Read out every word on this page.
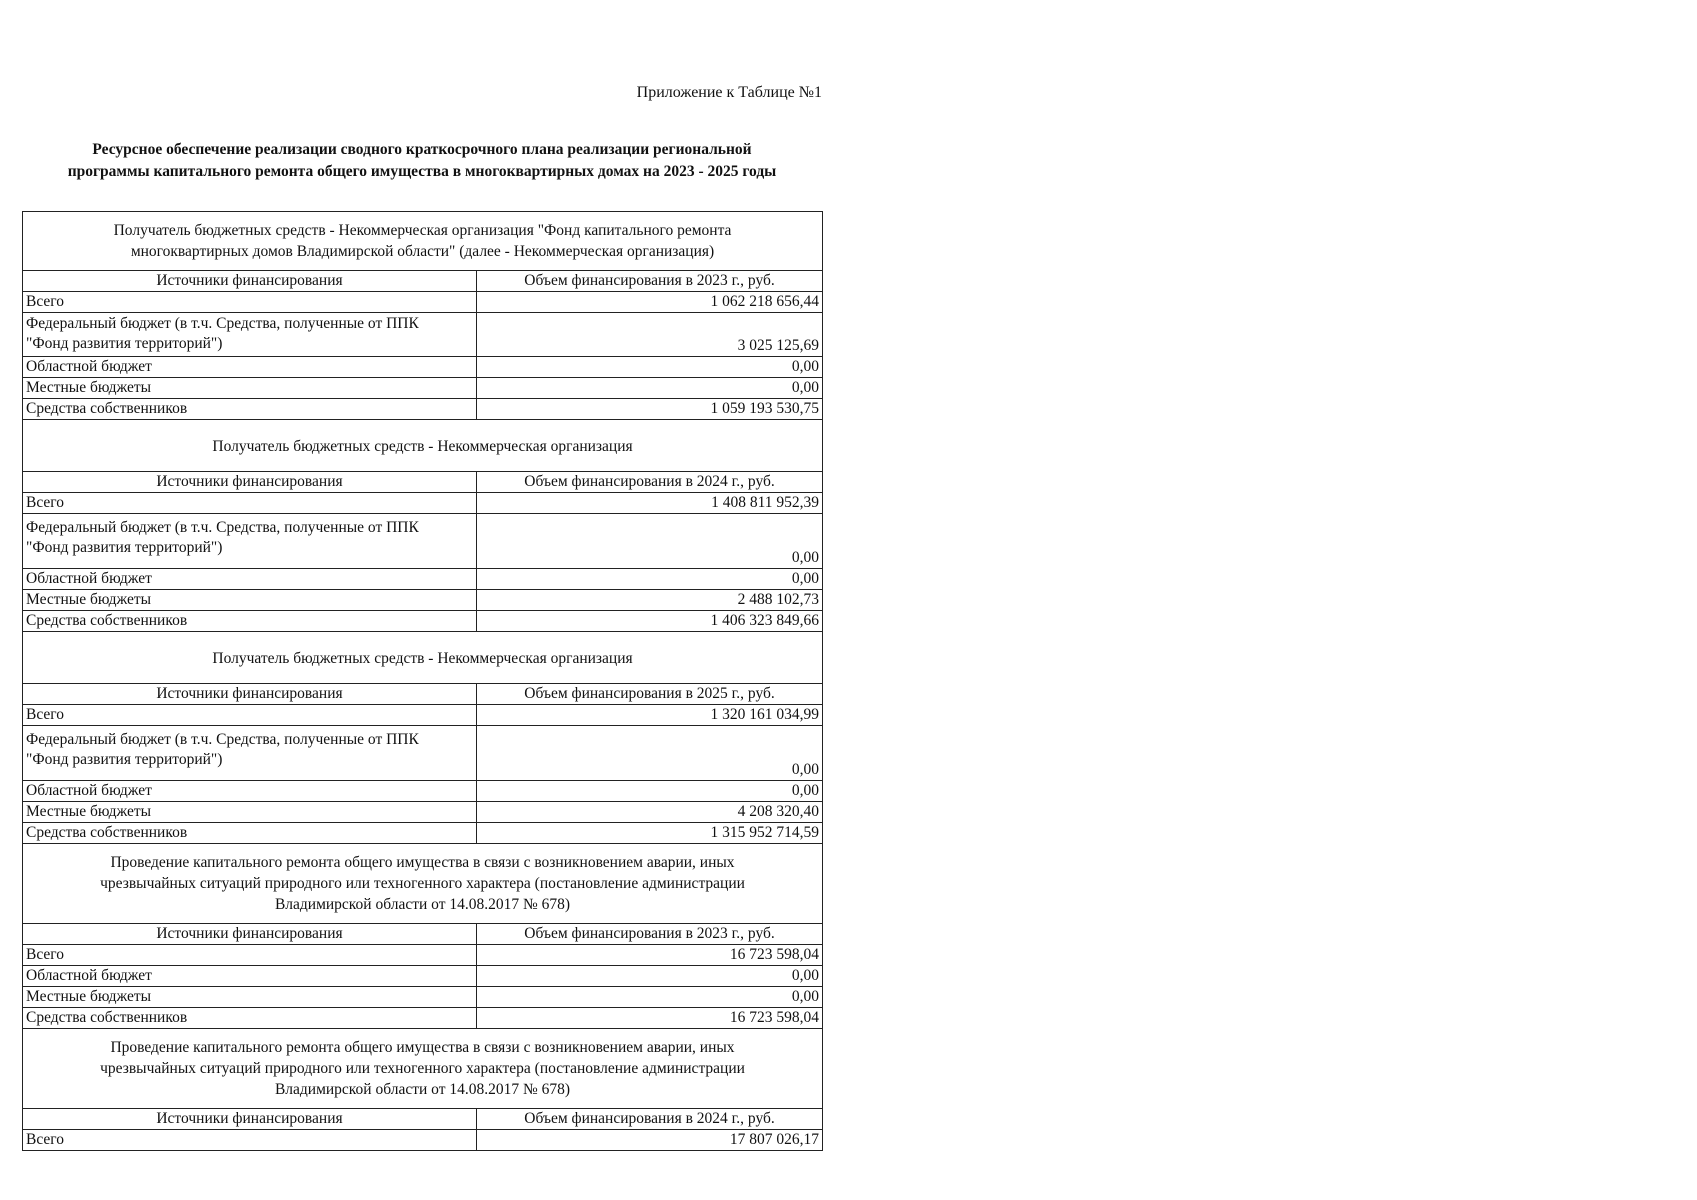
Приложение к Таблице №1
Ресурсное обеспечение реализации сводного краткосрочного плана реализации региональной
программы капитального ремонта общего имущества в многоквартирных домах на 2023 - 2025 годы
Получатель бюджетных средств - Некоммерческая организация "Фонд капитального ремонта
многоквартирных домов Владимирской области" (далее - Некоммерческая организация)	

Источники финансирования	Объем финансирования в 2023 г., руб.
Всего	1 062 218 656,44

Федеральный бюджет (в т.ч. Средства, полученные от ППК
"Фонд развития территорий")	3 025 125,69
Областной бюджет	0,00
Местные бюджеты	0,00
Средства собственников	1 059 193 530,75
Получатель бюджетных средств - Некоммерческая организация	
Источники финансирования	Объем финансирования в 2024 г., руб.
Всего	1 408 811 952,39

Федеральный бюджет (в т.ч. Средства, полученные от ППК
"Фонд развития территорий")	0,00
Областной бюджет	0,00
Местные бюджеты	2 488 102,73
Средства собственников	1 406 323 849,66
Получатель бюджетных средств - Некоммерческая организация	
Источники финансирования	Объем финансирования в 2025 г., руб.
Всего	1 320 161 034,99

Федеральный бюджет (в т.ч. Средства, полученные от ППК
"Фонд развития территорий")	0,00
Областной бюджет	0,00
Местные бюджеты	4 208 320,40
Средства собственников	1 315 952 714,59

Проведение капитального ремонта общего имущества в связи с возникновением аварии, иных
чрезвычайных ситуаций природного или техногенного характера (постановление администрации
Владимирской области от 14.08.2017 № 678)	

Источники финансирования	Объем финансирования в 2023 г., руб.
Всего	16 723 598,04
Областной бюджет	0,00
Местные бюджеты	0,00
Средства собственников	16 723 598,04

Проведение капитального ремонта общего имущества в связи с возникновением аварии, иных
чрезвычайных ситуаций природного или техногенного характера (постановление администрации
Владимирской области от 14.08.2017 № 678)	

Источники финансирования	Объем финансирования в 2024 г., руб.
Всего	17 807 026,17
